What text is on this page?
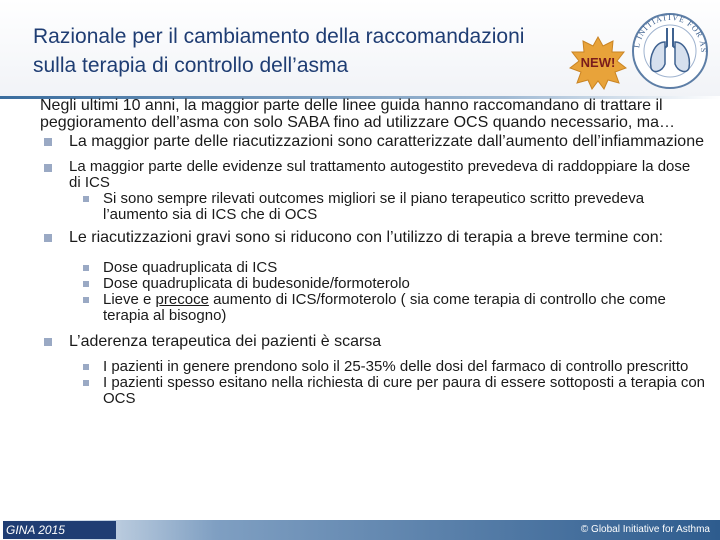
Razionale per il cambiamento della raccomandazioni
sulla terapia di controllo dell’asma	NEW!
L INITIATIVE FOR AS

Negli ultimi 10 anni, la maggior parte delle linee guida hanno raccomandano di trattare il peggioramento dell’asma con solo SABA fino ad utilizzare OCS quando necessario, ma…

La maggior parte delle riacutizzazioni sono caratterizzate dall’aumento dell’infiammazione
La maggior parte delle evidenze sul trattamento autogestito prevedeva di raddoppiare la dose di ICS
Si sono sempre rilevati outcomes migliori se il piano terapeutico scritto prevedeva l’aumento sia di ICS che di OCS
Le riacutizzazioni gravi sono si riducono con l’utilizzo di terapia a breve termine con:
Dose quadruplicata di ICS
Dose quadruplicata di budesonide/formoterolo
Lieve e precoce aumento di ICS/formoterolo ( sia come terapia di controllo che come terapia al bisogno)
L’aderenza terapeutica dei pazienti è scarsa
I pazienti in genere prendono solo il 25-35% delle dosi del farmaco di controllo prescritto
I pazienti spesso esitano nella richiesta di cure per paura di essere sottoposti a terapia con OCS
GINA 2015	© Global Initiative for Asthma
